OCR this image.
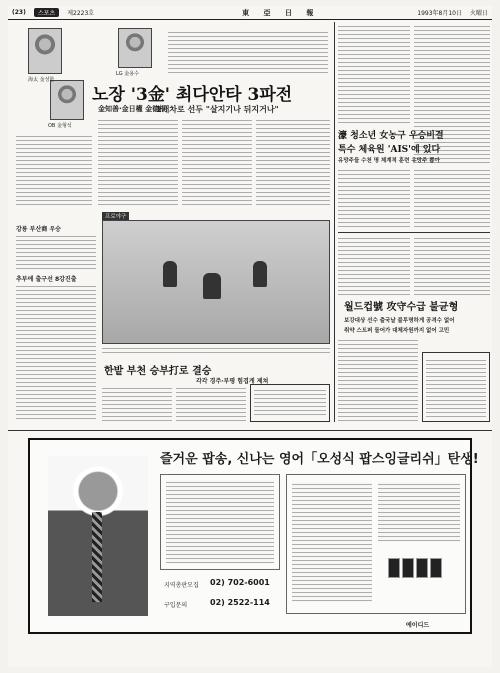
(23)	스포츠	제2223호	東 亞 日 報	1993年8月10日 火曜日
海太 金성한
LG 金용수
OB 金형석
노장 '3金' 최다안타 3파전
金知善·金日權 金德根
1개차로 선두 "살지기나 뒤지거나"
濠 청소년 女농구 우승비결
특수 체육원 'AIS'에 있다
유망주들 수천 명 체계적 훈련 유망주 뽑아
월드컵號 攻守수급 불균형
보강대상 선수 출국날 불투명하게 공격수 없어
취약 스트퍼 들어가 대체자원까지 없어 고민
강릉 부산商 우승
추부에 출구선 8강진출
프로야구
한밭 부천 승부打로 결승
각각 경주·부평 힘겹게 제쳐
즐거운 팝송, 신나는 영어「오성식 팝스잉글리쉬」탄생!
지역총판모집 02) 702-6001
구입문의	02) 2522-114
에이디드
